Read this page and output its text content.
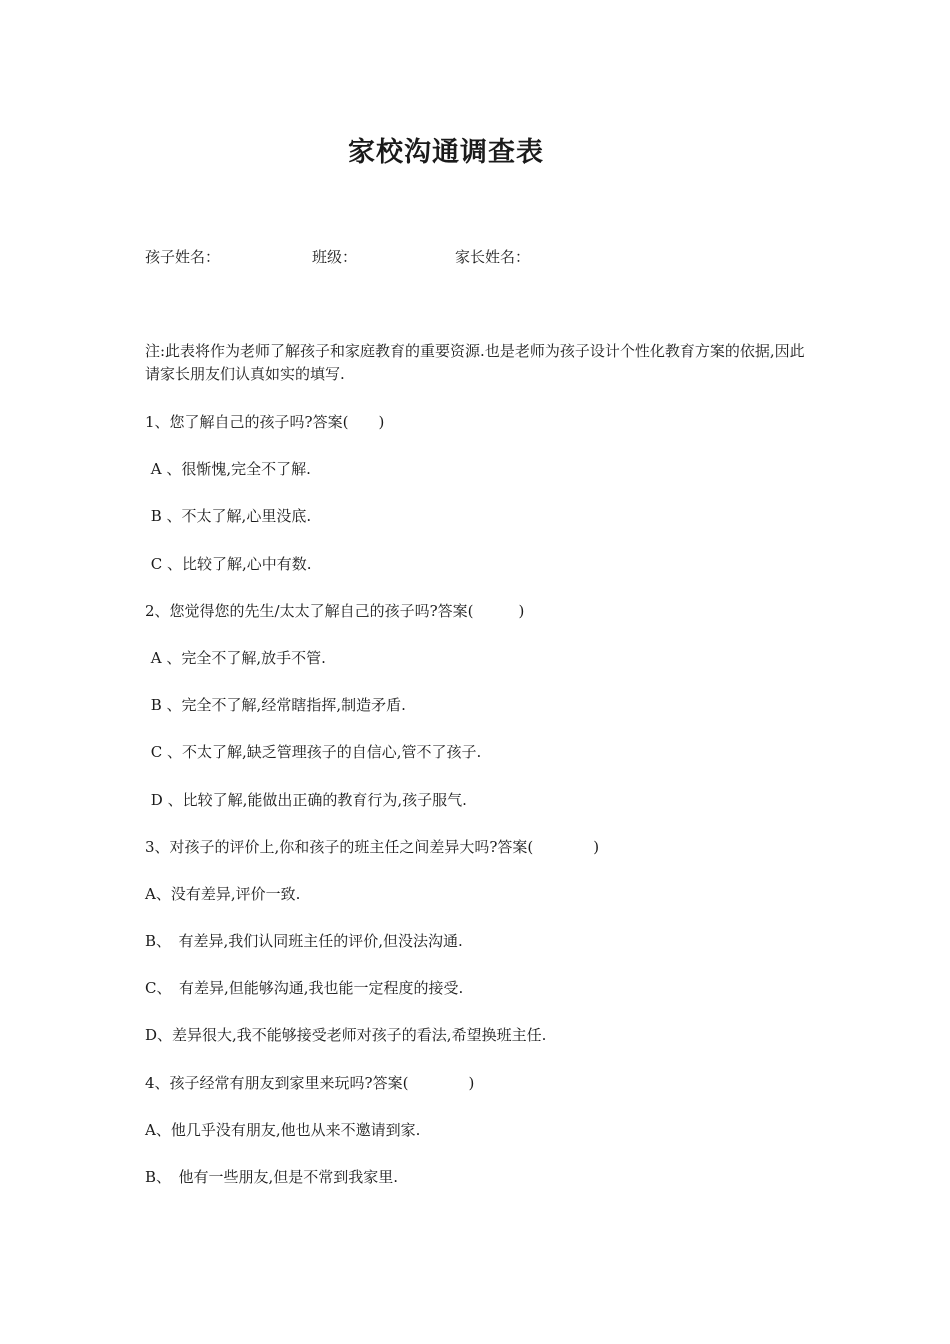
家校沟通调查表
孩子姓名：	班级：	家长姓名：

注:此表将作为老师了解孩子和家庭教育的重要资源.也是老师为孩子设计个性化教育方案的依据,因此请家长朋友们认真如实的填写.

1、您了解自己的孩子吗?答案(　　)
A 、很惭愧,完全不了解.
B 、不太了解,心里没底.
C 、比较了解,心中有数.
2、您觉得您的先生/太太了解自己的孩子吗?答案(　　　)
A 、完全不了解,放手不管.
B 、完全不了解,经常瞎指挥,制造矛盾.
C 、不太了解,缺乏管理孩子的自信心,管不了孩子.
D 、比较了解,能做出正确的教育行为,孩子服气.
3、对孩子的评价上,你和孩子的班主任之间差异大吗?答案(　　　　)
A、没有差异,评价一致.
B、　有差异,我们认同班主任的评价,但没法沟通.
C、　有差异,但能够沟通,我也能一定程度的接受.
D、差异很大,我不能够接受老师对孩子的看法,希望换班主任.
4、孩子经常有朋友到家里来玩吗?答案(　　　　)
A、他几乎没有朋友,他也从来不邀请到家.
B、　他有一些朋友,但是不常到我家里.
